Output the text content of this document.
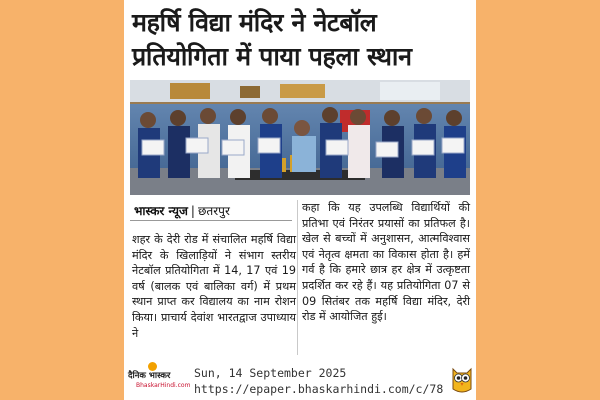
महर्षि विद्या मंदिर ने नेटबॉल
प्रतियोगिता में पाया पहला स्थान
भास्कर न्यूज | छतरपुर
शहर के देरी रोड में संचालित महर्षि विद्या मंदिर के खिलाड़ियों ने संभाग स्तरीय नेटबॉल प्रतियोगिता में 14, 17 एवं 19 वर्ष (बालक एवं बालिका वर्ग) में प्रथम स्थान प्राप्त कर विद्यालय का नाम रोशन किया। प्राचार्य देवांश भारतद्वाज उपाध्याय ने
कहा कि यह उपलब्धि विद्यार्थियों की प्रतिभा एवं निरंतर प्रयासों का प्रतिफल है। खेल से बच्चों में अनुशासन, आत्मविश्वास एवं नेतृत्व क्षमता का विकास होता है। हमें गर्व है कि हमारे छात्र हर क्षेत्र में उत्कृष्टता प्रदर्शित कर रहे हैं। यह प्रतियोगिता 07 से 09 सितंबर तक महर्षि विद्या मंदिर, देरी रोड में आयोजित हुई।
दैनिक भास्कर
BhaskarHindi.com
Sun, 14 September 2025
https://epaper.bhaskarhindi.com/c/78
